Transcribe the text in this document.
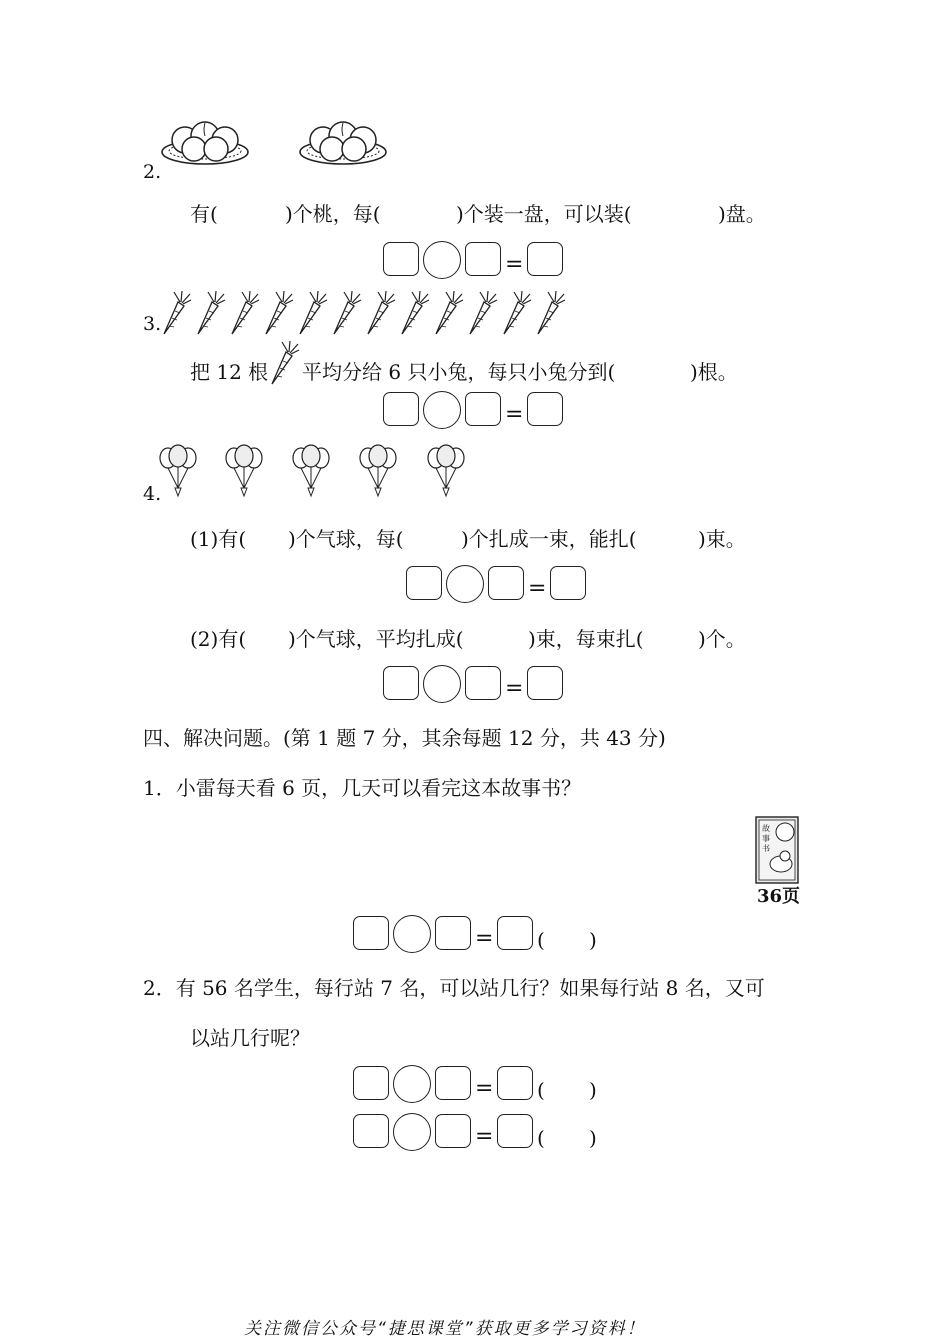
2.
有(	)个桃，每(	)个装一盘，可以装(	)盘。
=
3.
把 12 根 平均分给 6 只小兔，每只小兔分到(	)根。
=
4.
(1)有( )个气球，每(	)个扎成一束，能扎(	)束。
=
(2)有( )个气球，平均扎成(	)束，每束扎(	)个。
=
四、解决问题。(第 1 题 7 分，其余每题 12 分，共 43 分)
1．小雷每天看 6 页，几天可以看完这本故事书？
故
事
书
36页
= ( )
2．有 56 名学生，每行站 7 名，可以站几行？如果每行站 8 名，又可
以站几行呢？
= ( )
= ( )
关注微信公众号“捷思课堂”获取更多学习资料！
